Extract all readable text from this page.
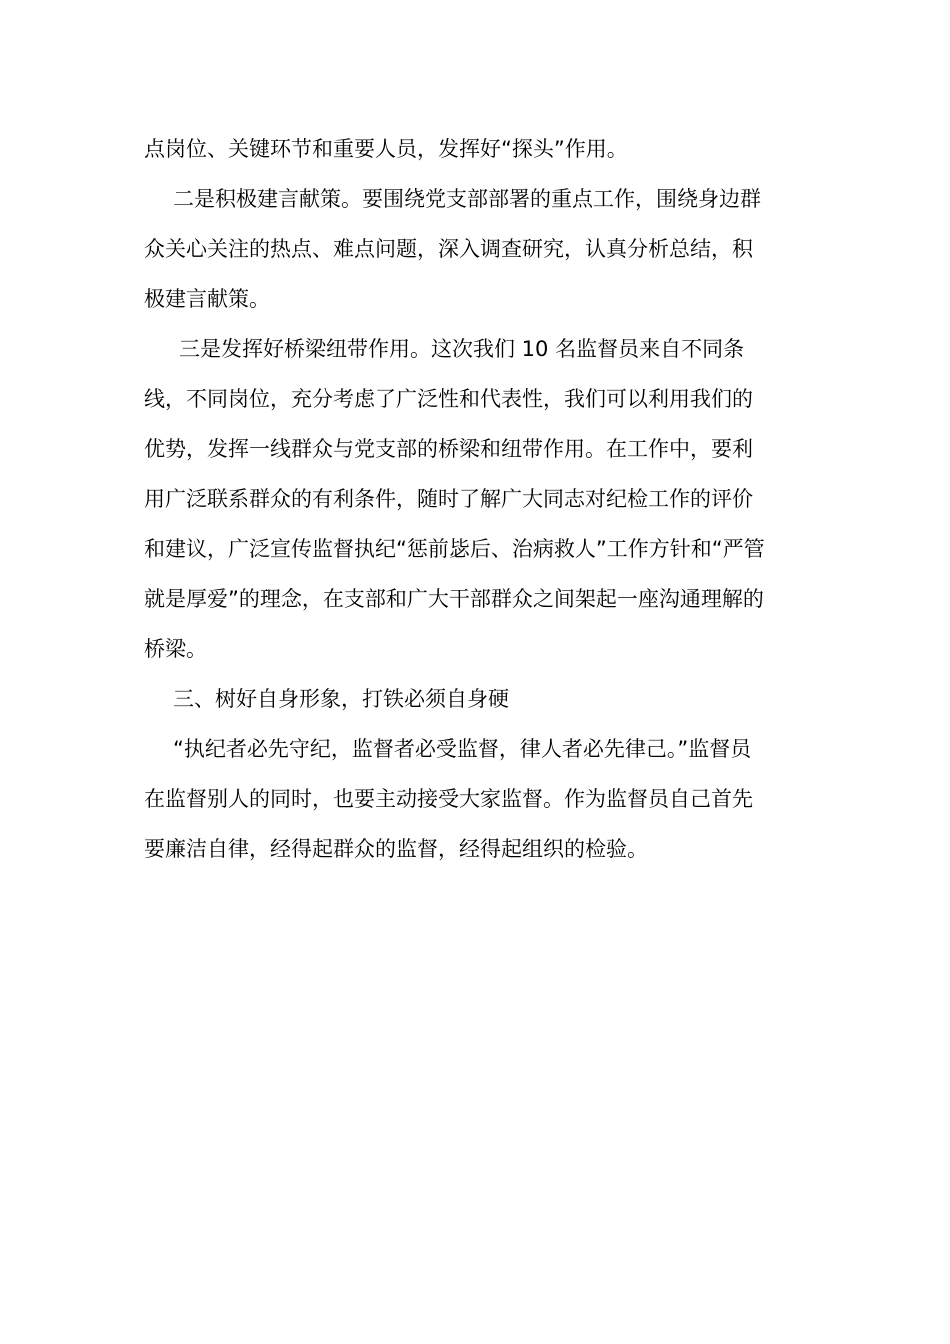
点岗位、关键环节和重要人员，发挥好“探头”作用。
二是积极建言献策。要围绕党支部部署的重点工作，围绕身边群
众关心关注的热点、难点问题，深入调查研究，认真分析总结，积
极建言献策。
三是发挥好桥梁纽带作用。这次我们 10 名监督员来自不同条
线，不同岗位，充分考虑了广泛性和代表性，我们可以利用我们的
优势，发挥一线群众与党支部的桥梁和纽带作用。在工作中，要利
用广泛联系群众的有利条件，随时了解广大同志对纪检工作的评价
和建议，广泛宣传监督执纪“惩前毖后、治病救人”工作方针和“严管
就是厚爱”的理念，在支部和广大干部群众之间架起一座沟通理解的
桥梁。
三、树好自身形象，打铁必须自身硬
“执纪者必先守纪，监督者必受监督，律人者必先律己。”监督员
在监督别人的同时，也要主动接受大家监督。作为监督员自己首先
要廉洁自律，经得起群众的监督，经得起组织的检验。
